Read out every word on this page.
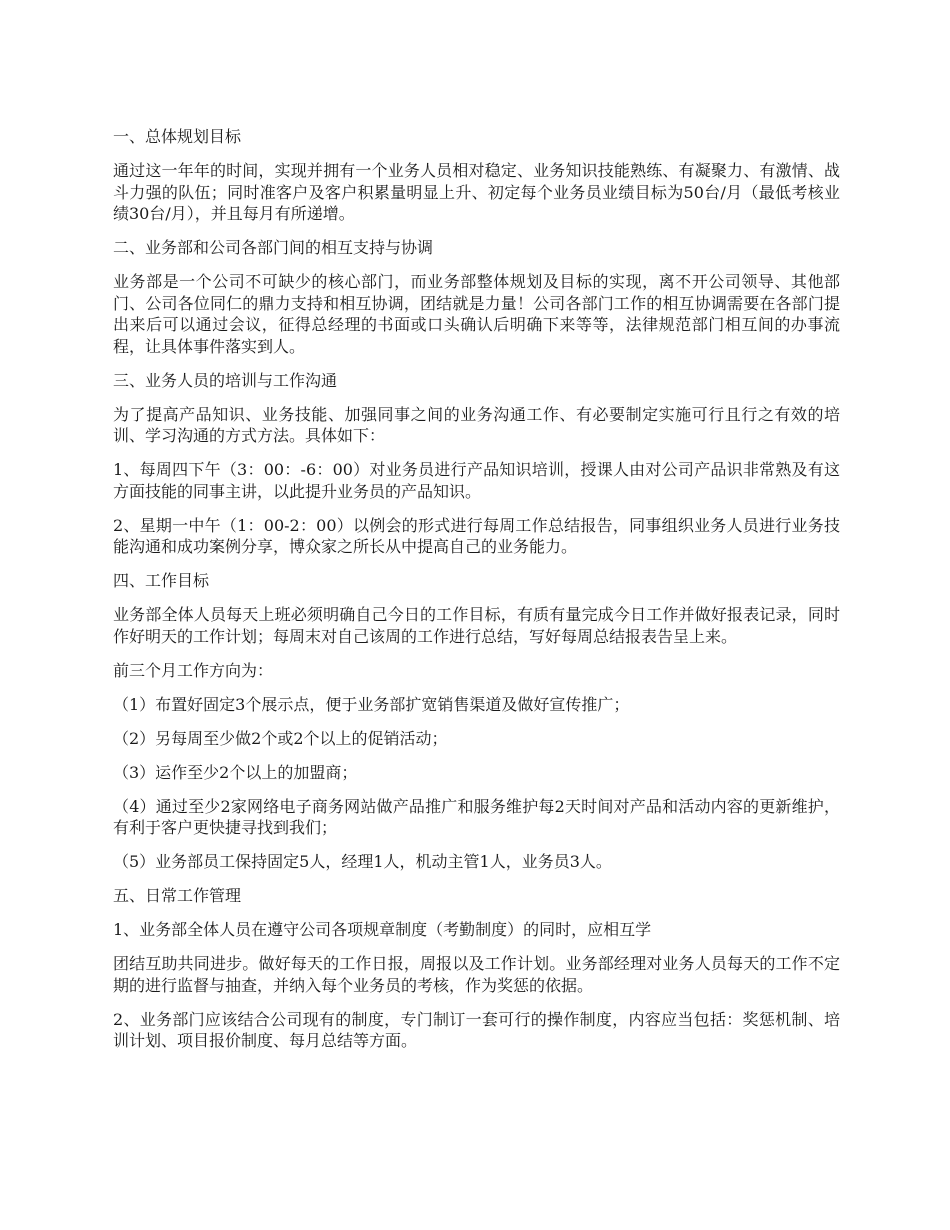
一、总体规划目标

通过这一年年的时间，实现并拥有一个业务人员相对稳定、业务知识技能熟练、有凝聚力、有激情、战斗力强的队伍；同时准客户及客户积累量明显上升、初定每个业务员业绩目标为50台/月（最低考核业绩30台/月），并且每月有所递增。

二、业务部和公司各部门间的相互支持与协调

业务部是一个公司不可缺少的核心部门，而业务部整体规划及目标的实现，离不开公司领导、其他部门、公司各位同仁的鼎力支持和相互协调，团结就是力量！公司各部门工作的相互协调需要在各部门提出来后可以通过会议，征得总经理的书面或口头确认后明确下来等等，法律规范部门相互间的办事流程，让具体事件落实到人。

三、业务人员的培训与工作沟通

为了提高产品知识、业务技能、加强同事之间的业务沟通工作、有必要制定实施可行且行之有效的培训、学习沟通的方式方法。具体如下：

1、每周四下午（3：00：-6：00）对业务员进行产品知识培训，授课人由对公司产品识非常熟及有这方面技能的同事主讲，以此提升业务员的产品知识。

2、星期一中午（1：00-2：00）以例会的形式进行每周工作总结报告，同事组织业务人员进行业务技能沟通和成功案例分享，博众家之所长从中提高自己的业务能力。

四、工作目标

业务部全体人员每天上班必须明确自己今日的工作目标，有质有量完成今日工作并做好报表记录，同时作好明天的工作计划；每周末对自己该周的工作进行总结，写好每周总结报表告呈上来。

前三个月工作方向为：

（1）布置好固定3个展示点，便于业务部扩宽销售渠道及做好宣传推广；

（2）另每周至少做2个或2个以上的促销活动；

（3）运作至少2个以上的加盟商；

（4）通过至少2家网络电子商务网站做产品推广和服务维护每2天时间对产品和活动内容的更新维护，有利于客户更快捷寻找到我们；

（5）业务部员工保持固定5人，经理1人，机动主管1人，业务员3人。

五、日常工作管理

1、业务部全体人员在遵守公司各项规章制度（考勤制度）的同时，应相互学

团结互助共同进步。做好每天的工作日报，周报以及工作计划。业务部经理对业务人员每天的工作不定期的进行监督与抽查，并纳入每个业务员的考核，作为奖惩的依据。

2、业务部门应该结合公司现有的制度，专门制订一套可行的操作制度，内容应当包括：奖惩机制、培训计划、项目报价制度、每月总结等方面。
